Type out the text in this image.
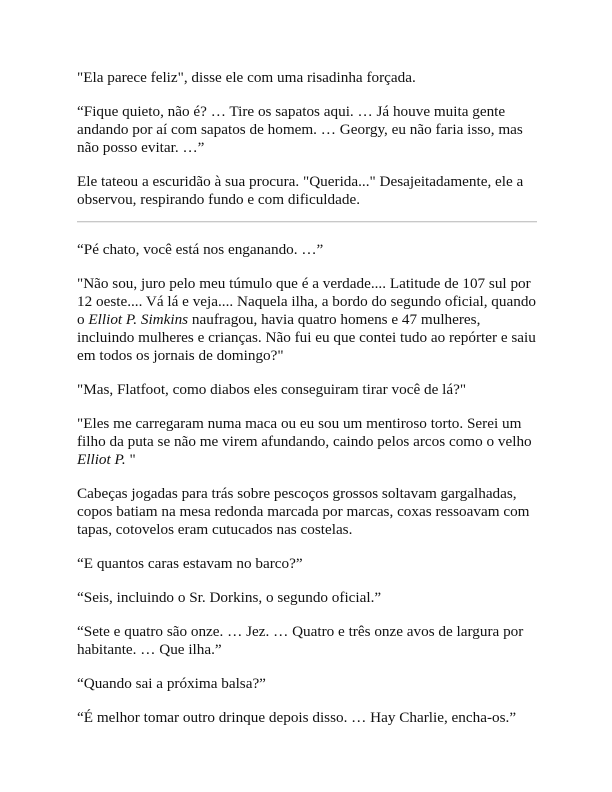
"Ela parece feliz", disse ele com uma risadinha forçada.

“Fique quieto, não é? … Tire os sapatos aqui. … Já houve muita gente andando por aí com sapatos de homem. … Georgy, eu não faria isso, mas não posso evitar. …”

Ele tateou a escuridão à sua procura. "Querida..." Desajeitadamente, ele a observou, respirando fundo e com dificuldade.

“Pé chato, você está nos enganando. …”

"Não sou, juro pelo meu túmulo que é a verdade.... Latitude de 107 sul por 12 oeste.... Vá lá e veja.... Naquela ilha, a bordo do segundo oficial, quando o Elliot P. Simkins naufragou, havia quatro homens e 47 mulheres, incluindo mulheres e crianças. Não fui eu que contei tudo ao repórter e saiu em todos os jornais de domingo?"

"Mas, Flatfoot, como diabos eles conseguiram tirar você de lá?"

"Eles me carregaram numa maca ou eu sou um mentiroso torto. Serei um filho da puta se não me virem afundando, caindo pelos arcos como o velho Elliot P. "

Cabeças jogadas para trás sobre pescoços grossos soltavam gargalhadas, copos batiam na mesa redonda marcada por marcas, coxas ressoavam com tapas, cotovelos eram cutucados nas costelas.

“E quantos caras estavam no barco?”

“Seis, incluindo o Sr. Dorkins, o segundo oficial.”

“Sete e quatro são onze. … Jez. … Quatro e três onze avos de largura por habitante. … Que ilha.”

“Quando sai a próxima balsa?”

“É melhor tomar outro drinque depois disso. … Hay Charlie, encha-os.”
